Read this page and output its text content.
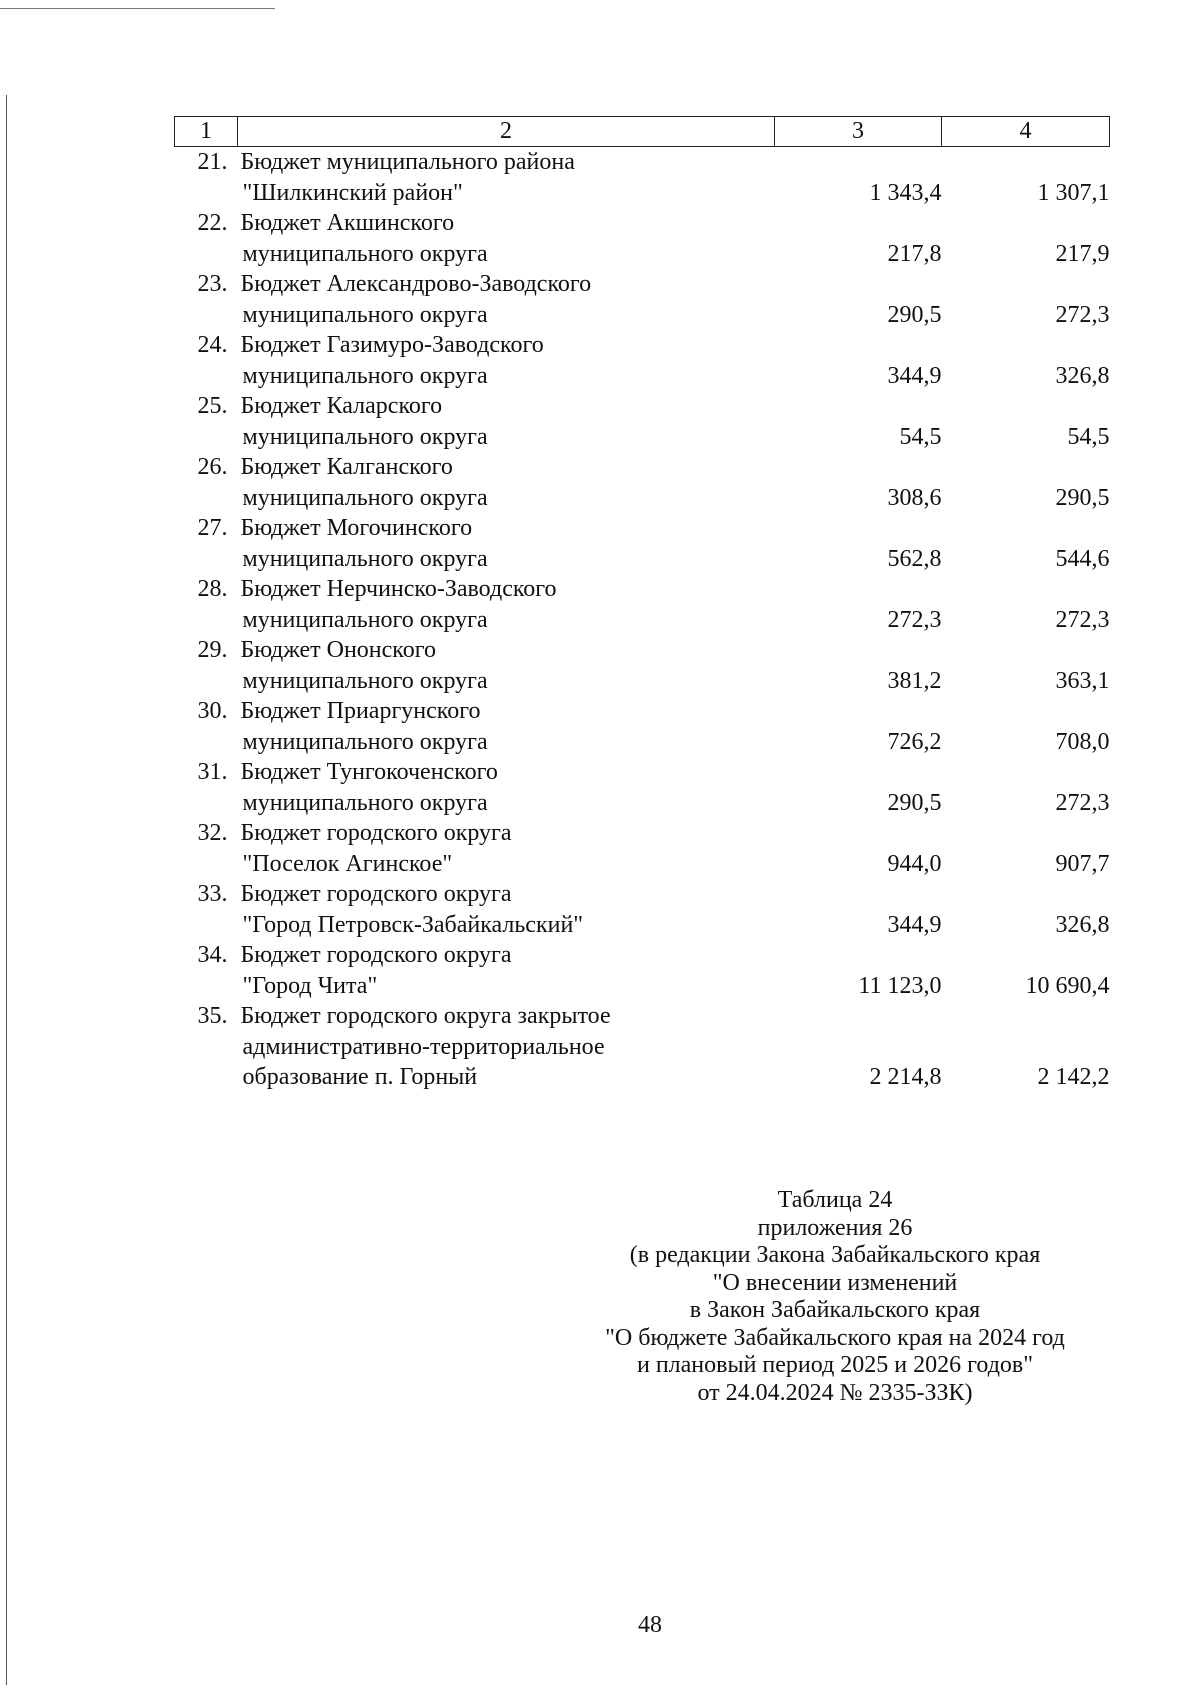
1	2	3	4
21.	Бюджет муниципального района
"Шилкинский район"	1 343,4	1 307,1
22.	Бюджет Акшинского
муниципального округа	217,8	217,9
23.	Бюджет Александрово-Заводского
муниципального округа	290,5	272,3
24.	Бюджет Газимуро-Заводского
муниципального округа	344,9	326,8
25.	Бюджет Каларского
муниципального округа	54,5	54,5
26.	Бюджет Калганского
муниципального округа	308,6	290,5
27.	Бюджет Могочинского
муниципального округа	562,8	544,6
28.	Бюджет Нерчинско-Заводского
муниципального округа	272,3	272,3
29.	Бюджет Ононского
муниципального округа	381,2	363,1
30.	Бюджет Приаргунского
муниципального округа	726,2	708,0
31.	Бюджет Тунгокоченского
муниципального округа	290,5	272,3
32.	Бюджет городского округа
"Поселок Агинское"	944,0	907,7
33.	Бюджет городского округа
"Город Петровск-Забайкальский"	344,9	326,8
34.	Бюджет городского округа
"Город Чита"	11 123,0	10 690,4
35.	Бюджет городского округа закрытое
административно-территориальное
образование п. Горный	2 214,8	2 142,2
Таблица 24
приложения 26
(в редакции Закона Забайкальского края
"О внесении изменений
в Закон Забайкальского края
"О бюджете Забайкальского края на 2024 год
и плановый период 2025 и 2026 годов"
от 24.04.2024 № 2335-ЗЗК)
48
